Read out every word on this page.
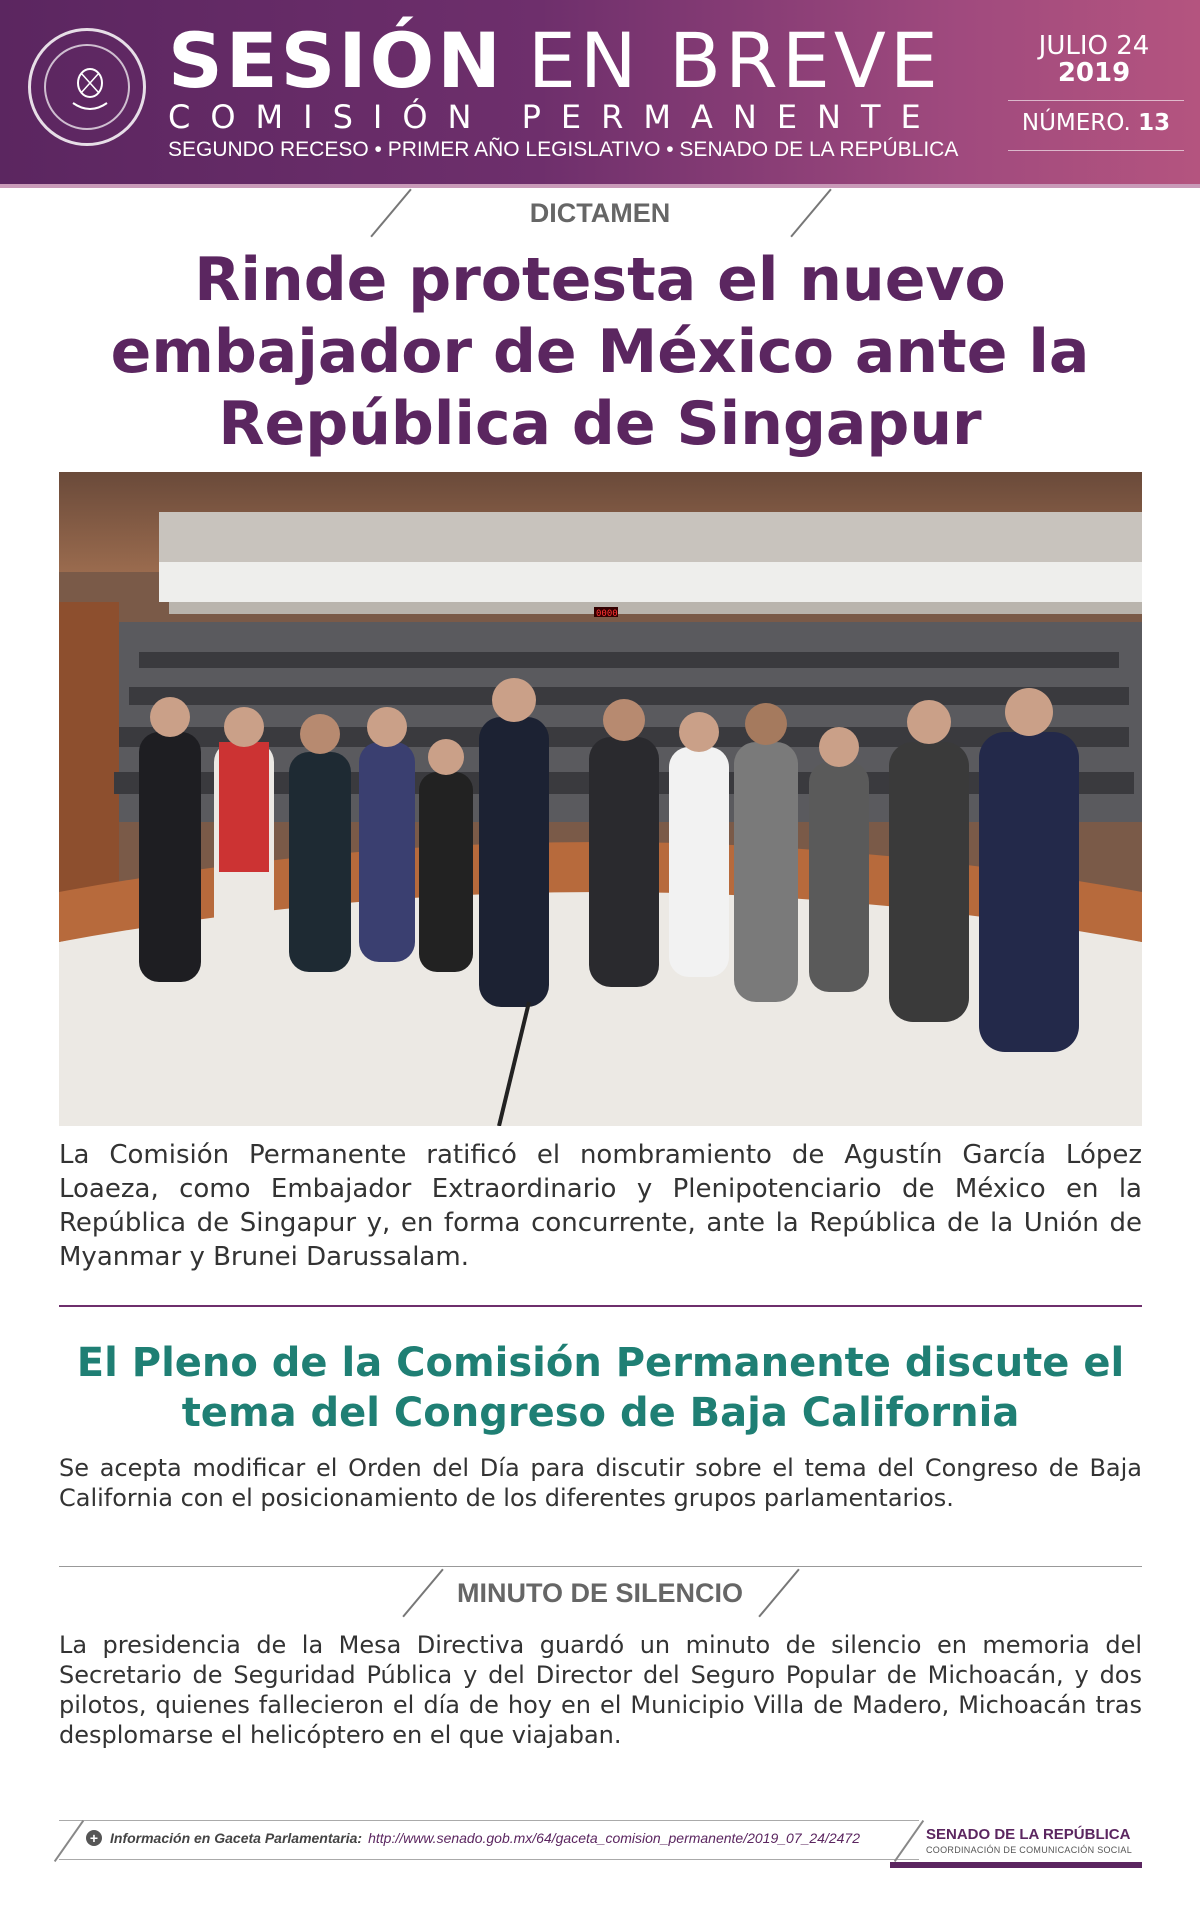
SESIÓN EN BREVE
COMISIÓN PERMANENTE
SEGUNDO RECESO • PRIMER AÑO LEGISLATIVO • SENADO DE LA REPÚBLICA
JULIO 24
2019
NÚMERO. 13
DICTAMEN
Rinde protesta el nuevo embajador de México ante la República de Singapur
0000
La Comisión Permanente ratificó el nombramiento de Agustín García López Loaeza, como Embajador Extraordinario y Plenipotenciario de México en la República de Singapur y, en forma concurrente, ante la República de la Unión de Myanmar y Brunei Darussalam.
El Pleno de la Comisión Permanente discute el tema del Congreso de Baja California
Se acepta modificar el Orden del Día para discutir sobre el tema del Congreso de Baja California con el posicionamiento de los diferentes grupos parlamentarios.
MINUTO DE SILENCIO
La presidencia de la Mesa Directiva guardó un minuto de silencio en memoria del Secretario de Seguridad Pública y del Director del Seguro Popular de Michoacán, y dos pilotos, quienes fallecieron el día de hoy en el Municipio Villa de Madero, Michoacán tras desplomarse el helicóptero en el que viajaban.
+ Información en Gaceta Parlamentaria: http://www.senado.gob.mx/64/gaceta_comision_permanente/2019_07_24/2472	SENADO DE LA REPÚBLICA
COORDINACIÓN DE COMUNICACIÓN SOCIAL
